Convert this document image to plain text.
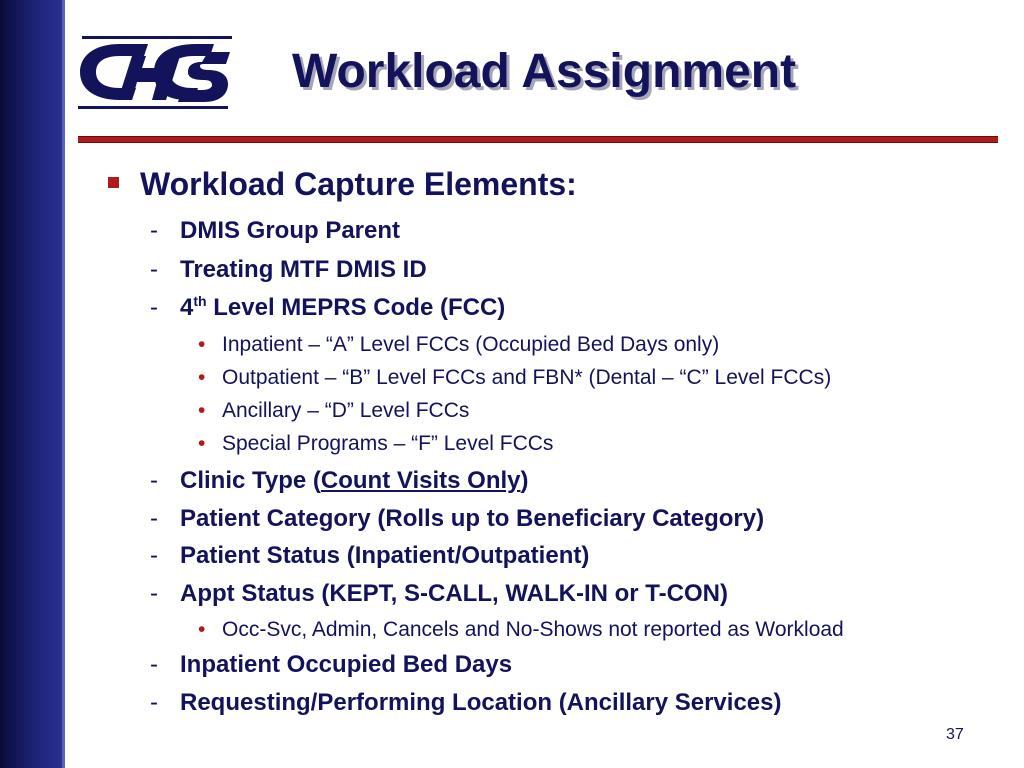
Workload Assignment
Workload Capture Elements:
- DMIS Group Parent
- Treating MTF DMIS ID
- 4th Level MEPRS Code (FCC)
• Inpatient – “A” Level FCCs (Occupied Bed Days only)
• Outpatient – “B” Level FCCs and FBN* (Dental – “C” Level FCCs)
• Ancillary – “D” Level FCCs
• Special Programs – “F” Level FCCs
- Clinic Type (Count Visits Only)
- Patient Category (Rolls up to Beneficiary Category)
- Patient Status (Inpatient/Outpatient)
- Appt Status (KEPT, S-CALL, WALK-IN or T-CON)
• Occ-Svc, Admin, Cancels and No-Shows not reported as Workload
- Inpatient Occupied Bed Days
- Requesting/Performing Location (Ancillary Services)
37
